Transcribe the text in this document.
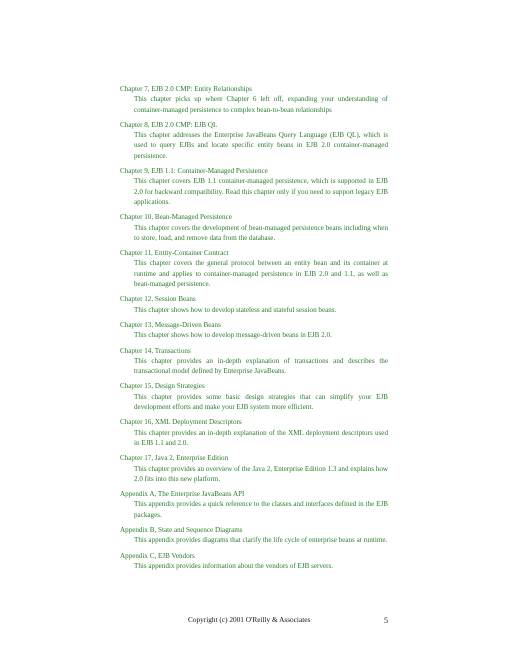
Chapter 7, EJB 2.0 CMP: Entity Relationships
This chapter picks up where Chapter 6 left off, expanding your understanding of container-managed persistence to complex bean-to-bean relationships
Chapter 8, EJB 2.0 CMP: EJB QL
This chapter addresses the Enterprise JavaBeans Query Language (EJB QL), which is used to query EJBs and locate specific entity beans in EJB 2.0 container-managed persistence.
Chapter 9, EJB 1.1: Container-Managed Persistence
This chapter covers EJB 1.1 container-managed persistence, which is supported in EJB 2.0 for backward compatibility. Read this chapter only if you need to support legacy EJB applications.
Chapter 10, Bean-Managed Persistence
This chapter covers the development of bean-managed persistence beans including when to store, load, and remove data from the database.
Chapter 11, Entity-Container Contract
This chapter covers the general protocol between an entity bean and its container at runtime and applies to container-managed persistence in EJB 2.0 and 1.1, as well as bean-managed persistence.
Chapter 12, Session Beans
This chapter shows how to develop stateless and stateful session beans.
Chapter 13, Message-Driven Beans
This chapter shows how to develop message-driven beans in EJB 2.0.
Chapter 14, Transactions
This chapter provides an in-depth explanation of transactions and describes the transactional model defined by Enterprise JavaBeans.
Chapter 15, Design Strategies
This chapter provides some basic design strategies that can simplify your EJB development efforts and make your EJB system more efficient.
Chapter 16, XML Deployment Descriptors
This chapter provides an in-depth explanation of the XML deployment descriptors used in EJB 1.1 and 2.0.
Chapter 17, Java 2, Enterprise Edition
This chapter provides an overview of the Java 2, Enterprise Edition 1.3 and explains how 2.0 fits into this new platform.
Appendix A, The Enterprise JavaBeans API
This appendix provides a quick reference to the classes and interfaces defined in the EJB packages.
Appendix B, State and Sequence Diagrams
This appendix provides diagrams that clarify the life cycle of enterprise beans at runtime.
Appendix C, EJB Vendors
This appendix provides information about the vendors of EJB servers.
Copyright (c) 2001 O'Reilly & Associates	5
